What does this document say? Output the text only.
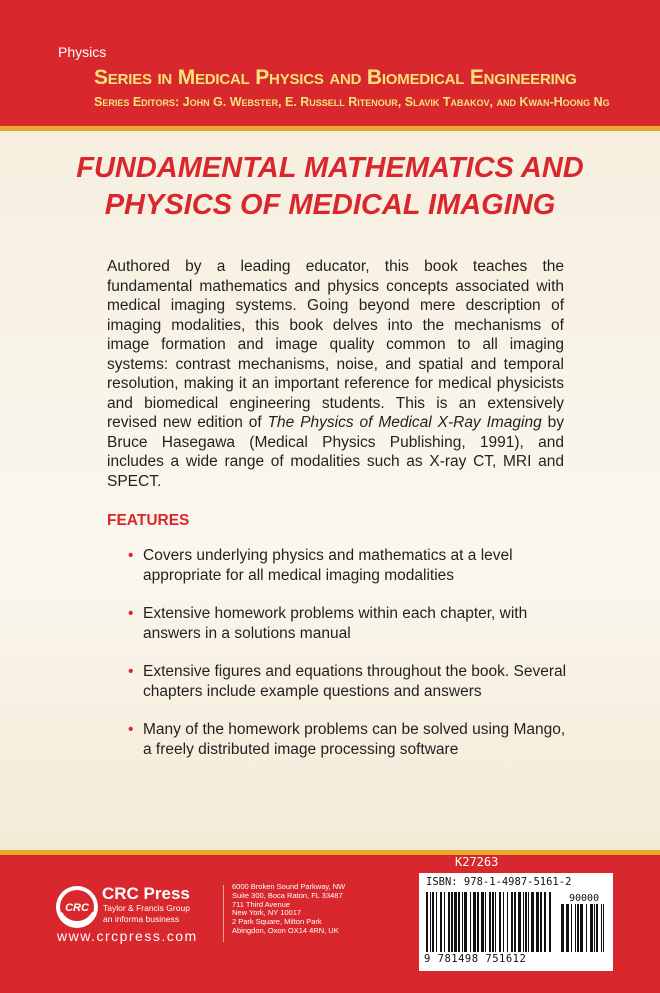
Physics
Series in Medical Physics and Biomedical Engineering
Series Editors: John G. Webster, E. Russell Ritenour, Slavik Tabakov, and Kwan-Hoong Ng
FUNDAMENTAL MATHEMATICS AND
PHYSICS OF MEDICAL IMAGING

Authored by a leading educator, this book teaches the fundamental mathematics and physics concepts associated with medical imaging systems. Going beyond mere description of imaging modalities, this book delves into the mechanisms of image formation and image quality common to all imaging systems: contrast mechanisms, noise, and spatial and temporal resolution, making it an important reference for medical physicists and biomedical engineering students. This is an extensively revised new edition of The Physics of Medical X-Ray Imaging by Bruce Hasegawa (Medical Physics Publishing, 1991), and includes a wide range of modalities such as X-ray CT, MRI and SPECT.

FEATURES
• Covers underlying physics and mathematics at a level appropriate for all medical imaging modalities
• Extensive homework problems within each chapter, with answers in a solutions manual
• Extensive figures and equations throughout the book. Several chapters include example questions and answers
• Many of the homework problems can be solved using Mango, a freely distributed image processing software
CRC
CRC Press
Taylor & Francis Group
an informa business
www.crcpress.com
6000 Broken Sound Parkway, NW
Suite 300, Boca Raton, FL 33487
711 Third Avenue
New York, NY 10017
2 Park Square, Milton Park
Abingdon, Oxon OX14 4RN, UK
K27263
ISBN: 978-1-4987-5161-2
90000
9 781498 751612
